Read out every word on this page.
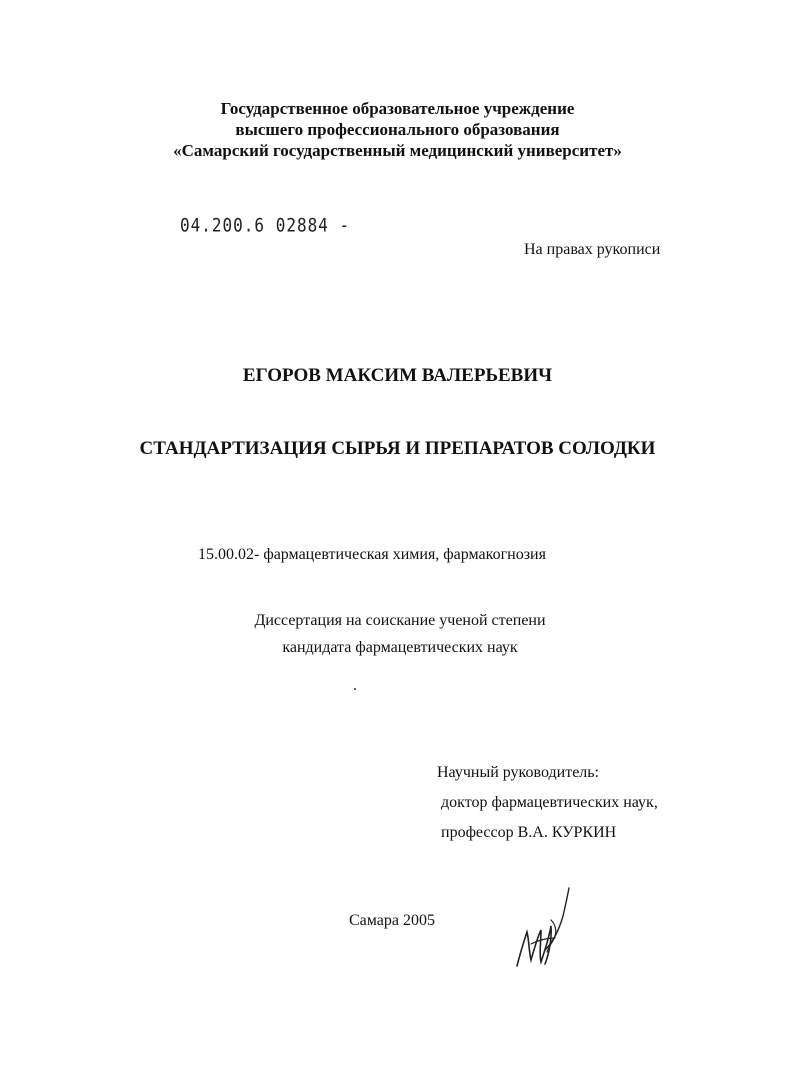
Государственное образовательное учреждение
высшего профессионального образования
«Самарский государственный медицинский университет»
04.200.6 02884 -
На правах рукописи
ЕГОРОВ МАКСИМ ВАЛЕРЬЕВИЧ
СТАНДАРТИЗАЦИЯ СЫРЬЯ И ПРЕПАРАТОВ СОЛОДКИ
15.00.02- фармацевтическая химия, фармакогнозия
Диссертация на соискание ученой степени
кандидата фармацевтических наук
Научный руководитель:
доктор фармацевтических наук,
профессор В.А. КУРКИН
Самара 2005
